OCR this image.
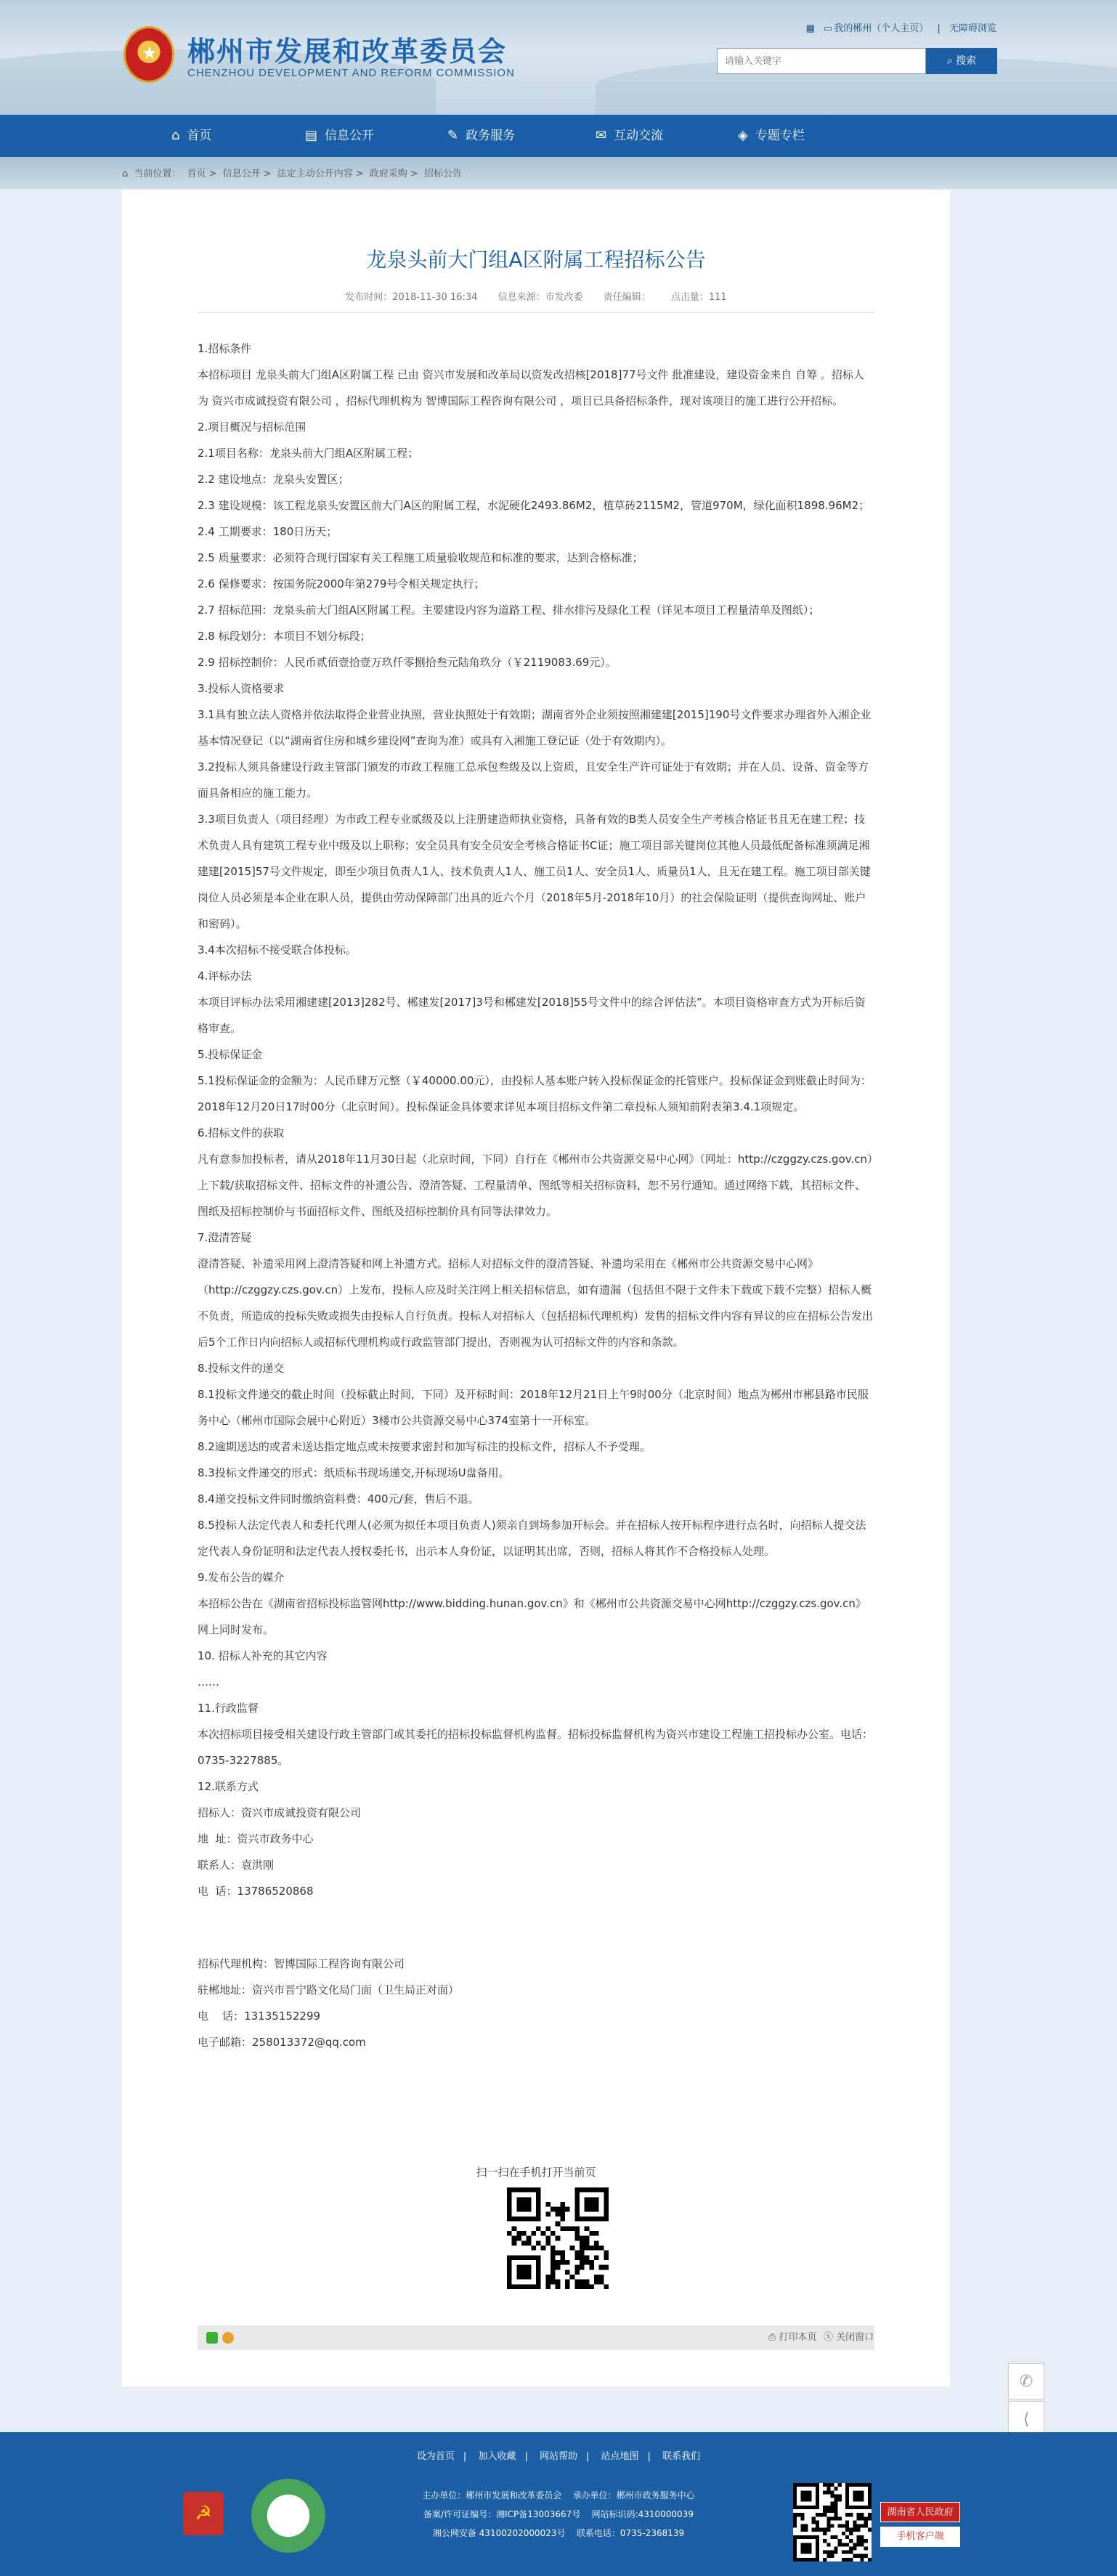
★ 郴州市发展和改革委员会
CHENZHOU DEVELOPMENT AND REFORM COMMISSION
▦ ▭ 我的郴州（个人主页） | 无障碍浏览
请输入关键字
⌕ 搜索
⌂ 首页	▤ 信息公开	✎ 政务服务	✉ 互动交流	◈ 专题专栏
⌂ 当前位置： 首页 > 信息公开 > 法定主动公开内容 > 政府采购 > 招标公告
龙泉头前大门组A区附属工程招标公告
发布时间：2018-11-30 16:34 信息来源：市发改委 责任编辑： 点击量：111

1.招标条件

本招标项目 龙泉头前大门组A区附属工程 已由 资兴市发展和改革局以资发改招核[2018]77号文件 批准建设，建设资金来自 自筹 。招标人为 资兴市成诚投资有限公司 ，招标代理机构为 智博国际工程咨询有限公司 ，项目已具备招标条件，现对该项目的施工进行公开招标。

2.项目概况与招标范围

2.1项目名称：龙泉头前大门组A区附属工程；

2.2 建设地点：龙泉头安置区；

2.3 建设规模：该工程龙泉头安置区前大门A区的附属工程，水泥硬化2493.86M2，植草砖2115M2，管道970M，绿化面积1898.96M2；

2.4 工期要求：180日历天；

2.5 质量要求：必须符合现行国家有关工程施工质量验收规范和标准的要求，达到合格标准；

2.6 保修要求：按国务院2000年第279号令相关规定执行；

2.7 招标范围：龙泉头前大门组A区附属工程。主要建设内容为道路工程、排水排污及绿化工程（详见本项目工程量清单及图纸）；

2.8 标段划分：本项目不划分标段；

2.9 招标控制价：人民币贰佰壹拾壹万玖仟零捌拾叁元陆角玖分（￥2119083.69元）。

3.投标人资格要求

3.1具有独立法人资格并依法取得企业营业执照，营业执照处于有效期；湖南省外企业须按照湘建建[2015]190号文件要求办理省外入湘企业基本情况登记（以“湖南省住房和城乡建设网”查询为准）或具有入湘施工登记证（处于有效期内）。

3.2投标人须具备建设行政主管部门颁发的市政工程施工总承包叁级及以上资质，且安全生产许可证处于有效期；并在人员、设备、资金等方面具备相应的施工能力。

3.3项目负责人（项目经理）为市政工程专业贰级及以上注册建造师执业资格，具备有效的B类人员安全生产考核合格证书且无在建工程；技术负责人具有建筑工程专业中级及以上职称；安全员具有安全员安全考核合格证书C证；施工项目部关键岗位其他人员最低配备标准须满足湘建建[2015]57号文件规定，即至少项目负责人1人、技术负责人1人、施工员1人、安全员1人、质量员1人，且无在建工程。施工项目部关键岗位人员必须是本企业在职人员，提供由劳动保障部门出具的近六个月（2018年5月-2018年10月）的社会保险证明（提供查询网址、账户和密码）。

3.4本次招标不接受联合体投标。

4.评标办法

本项目评标办法采用湘建建[2013]282号、郴建发[2017]3号和郴建发[2018]55号文件中的综合评估法”。本项目资格审查方式为开标后资格审查。

5.投标保证金

5.1投标保证金的金额为：人民币肆万元整（￥40000.00元），由投标人基本账户转入投标保证金的托管账户。投标保证金到账截止时间为：2018年12月20日17时00分（北京时间）。投标保证金具体要求详见本项目招标文件第二章投标人须知前附表第3.4.1项规定。

6.招标文件的获取

凡有意参加投标者，请从2018年11月30日起（北京时间，下同）自行在《郴州市公共资源交易中心网》（网址：http://czggzy.czs.gov.cn）上下载/获取招标文件、招标文件的补遗公告、澄清答疑、工程量清单、图纸等相关招标资料，恕不另行通知。通过网络下载，其招标文件、图纸及招标控制价与书面招标文件、图纸及招标控制价具有同等法律效力。

7.澄清答疑

澄清答疑、补遗采用网上澄清答疑和网上补遗方式。招标人对招标文件的澄清答疑、补遗均采用在《郴州市公共资源交易中心网》（http://czggzy.czs.gov.cn）上发布，投标人应及时关注网上相关招标信息，如有遗漏（包括但不限于文件未下载或下载不完整）招标人概不负责，所造成的投标失败或损失由投标人自行负责。投标人对招标人（包括招标代理机构）发售的招标文件内容有异议的应在招标公告发出后5个工作日内向招标人或招标代理机构或行政监管部门提出，否则视为认可招标文件的内容和条款。

8.投标文件的递交

8.1投标文件递交的截止时间（投标截止时间，下同）及开标时间：2018年12月21日上午9时00分（北京时间）地点为郴州市郴县路市民服务中心（郴州市国际会展中心附近）3楼市公共资源交易中心374室第十一开标室。

8.2逾期送达的或者未送达指定地点或未按要求密封和加写标注的投标文件，招标人不予受理。

8.3投标文件递交的形式：纸质标书现场递交,开标现场U盘备用。

8.4递交投标文件同时缴纳资料费：400元/套，售后不退。

8.5投标人法定代表人和委托代理人(必须为拟任本项目负责人)须亲自到场参加开标会。并在招标人按开标程序进行点名时，向招标人提交法定代表人身份证明和法定代表人授权委托书，出示本人身份证，以证明其出席，否则，招标人将其作不合格投标人处理。

9.发布公告的媒介

本招标公告在《湖南省招标投标监管网http://www.bidding.hunan.gov.cn》和《郴州市公共资源交易中心网http://czggzy.czs.gov.cn》网上同时发布。

10. 招标人补充的其它内容

……

11.行政监督

本次招标项目接受相关建设行政主管部门或其委托的招标投标监督机构监督。招标投标监督机构为资兴市建设工程施工招投标办公室。电话：0735-3227885。

12.联系方式

招标人：资兴市成诚投资有限公司

地  址：资兴市政务中心

联系人：袁洪刚

电  话：13786520868

招标代理机构：智博国际工程咨询有限公司

驻郴地址：资兴市晋宁路文化局门面（卫生局正对面）

电    话：13135152299

电子邮箱：258013372@qq.com

扫一扫在手机打开当前页
⎙ 打印本页 ⓧ 关闭窗口
✆
⟨
设为首页 | 加入收藏 | 网站帮助 | 站点地图 | 联系我们
☭
主办单位：郴州市发展和改革委员会    承办单位：郴州市政务服务中心
备案/许可证编号：湘ICP备13003667号    网站标识码:4310000039
湘公网安备 43100202000023号    联系电话：0735-2368139
湖南省人民政府
手机客户端
